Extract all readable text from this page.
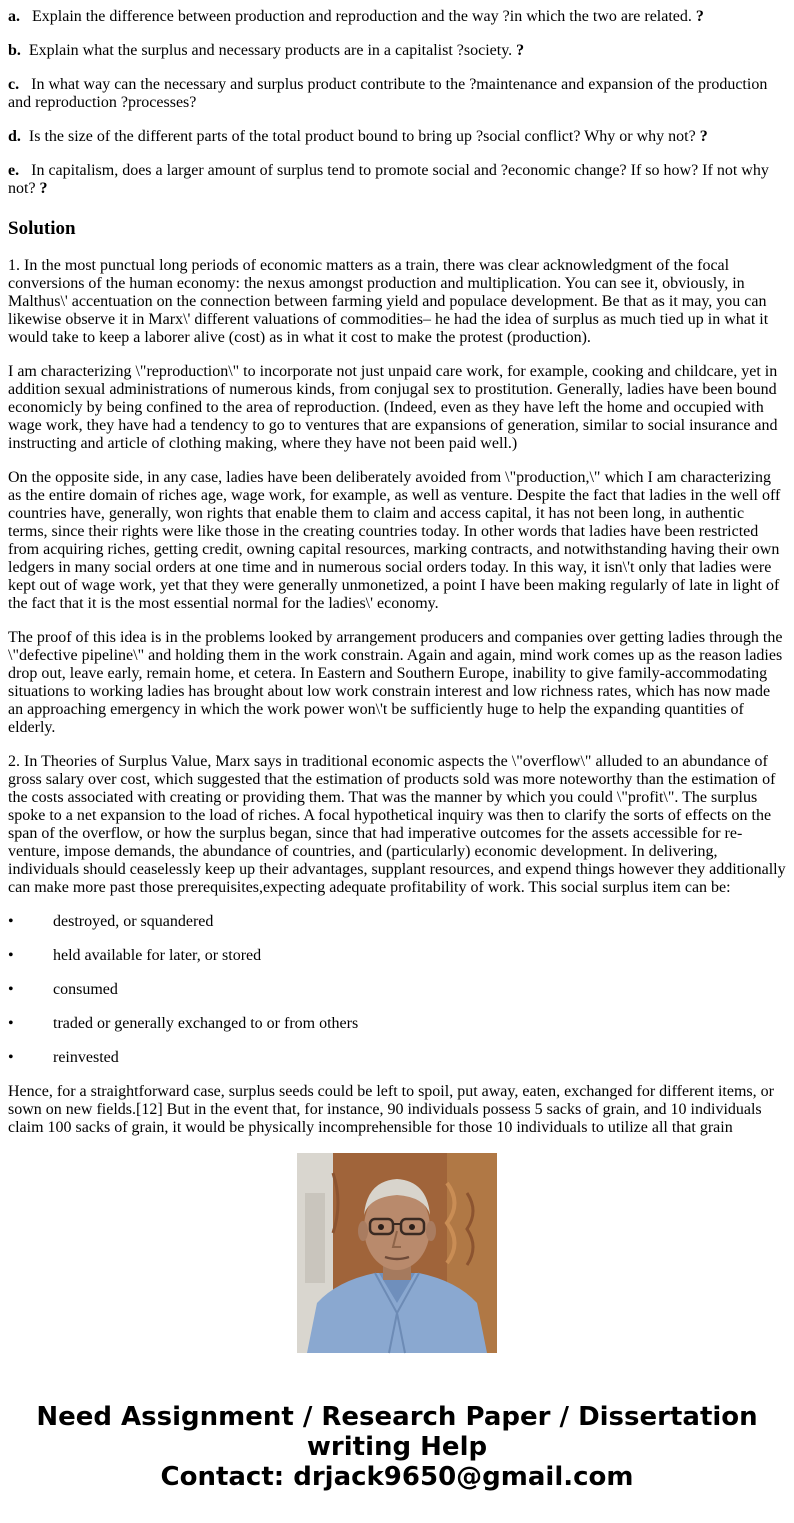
a. Explain the difference between production and reproduction and the way ?in which the two are related. ?
b. Explain what the surplus and necessary products are in a capitalist ?society. ?
c. In what way can the necessary and surplus product contribute to the ?maintenance and expansion of the production and reproduction ?processes?
d. Is the size of the different parts of the total product bound to bring up ?social conflict? Why or why not? ?
e. In capitalism, does a larger amount of surplus tend to promote social and ?economic change? If so how? If not why not? ?
Solution
1. In the most punctual long periods of economic matters as a train, there was clear acknowledgment of the focal conversions of the human economy: the nexus amongst production and multiplication. You can see it, obviously, in Malthus\' accentuation on the connection between farming yield and populace development. Be that as it may, you can likewise observe it in Marx\' different valuations of commodities– he had the idea of surplus as much tied up in what it would take to keep a laborer alive (cost) as in what it cost to make the protest (production).
I am characterizing \"reproduction\" to incorporate not just unpaid care work, for example, cooking and childcare, yet in addition sexual administrations of numerous kinds, from conjugal sex to prostitution. Generally, ladies have been bound economicly by being confined to the area of reproduction. (Indeed, even as they have left the home and occupied with wage work, they have had a tendency to go to ventures that are expansions of generation, similar to social insurance and instructing and article of clothing making, where they have not been paid well.)
On the opposite side, in any case, ladies have been deliberately avoided from \"production,\" which I am characterizing as the entire domain of riches age, wage work, for example, as well as venture. Despite the fact that ladies in the well off countries have, generally, won rights that enable them to claim and access capital, it has not been long, in authentic terms, since their rights were like those in the creating countries today. In other words that ladies have been restricted from acquiring riches, getting credit, owning capital resources, marking contracts, and notwithstanding having their own ledgers in many social orders at one time and in numerous social orders today. In this way, it isn\'t only that ladies were kept out of wage work, yet that they were generally unmonetized, a point I have been making regularly of late in light of the fact that it is the most essential normal for the ladies\' economy.
The proof of this idea is in the problems looked by arrangement producers and companies over getting ladies through the \"defective pipeline\" and holding them in the work constrain. Again and again, mind work comes up as the reason ladies drop out, leave early, remain home, et cetera. In Eastern and Southern Europe, inability to give family-accommodating situations to working ladies has brought about low work constrain interest and low richness rates, which has now made an approaching emergency in which the work power won\'t be sufficiently huge to help the expanding quantities of elderly.
2. In Theories of Surplus Value, Marx says in traditional economic aspects the \"overflow\" alluded to an abundance of gross salary over cost, which suggested that the estimation of products sold was more noteworthy than the estimation of the costs associated with creating or providing them. That was the manner by which you could \"profit\". The surplus spoke to a net expansion to the load of riches. A focal hypothetical inquiry was then to clarify the sorts of effects on the span of the overflow, or how the surplus began, since that had imperative outcomes for the assets accessible for re-venture, impose demands, the abundance of countries, and (particularly) economic development. In delivering, individuals should ceaselessly keep up their advantages, supplant resources, and expend things however they additionally can make more past those prerequisites,expecting adequate profitability of work. This social surplus item can be:
•	destroyed, or squandered
•	held available for later, or stored
•	consumed
•	traded or generally exchanged to or from others
•	reinvested
Hence, for a straightforward case, surplus seeds could be left to spoil, put away, eaten, exchanged for different items, or sown on new fields.[12] But in the event that, for instance, 90 individuals possess 5 sacks of grain, and 10 individuals claim 100 sacks of grain, it would be physically incomprehensible for those 10 individuals to utilize all that grain
Need Assignment / Research Paper / Dissertation
writing Help
Contact: drjack9650@gmail.com
